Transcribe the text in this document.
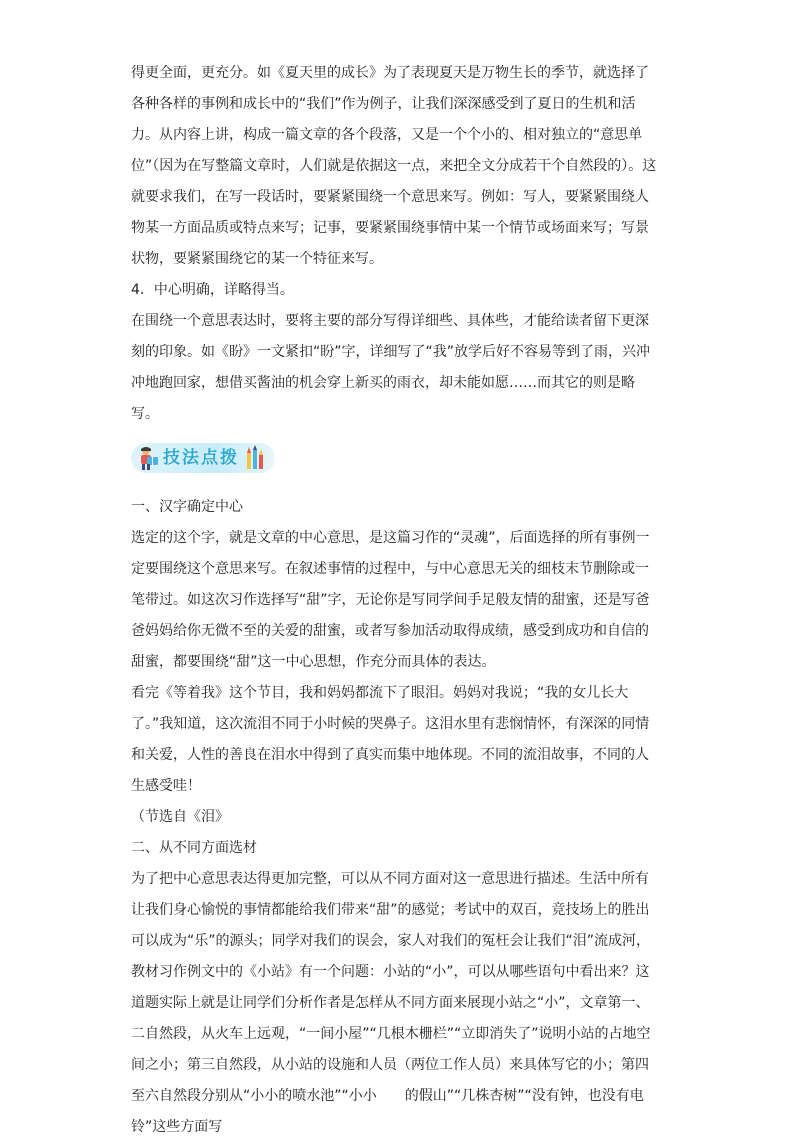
得更全面，更充分。如《夏天里的成长》为了表现夏天是万物生长的季节，就选择了各种各样的事例和成长中的“我们”作为例子，让我们深深感受到了夏日的生机和活力。从内容上讲，构成一篇文章的各个段落，又是一个个小的、相对独立的“意思单位”（因为在写整篇文章时，人们就是依据这一点，来把全文分成若干个自然段的）。这就要求我们，在写一段话时，要紧紧围绕一个意思来写。例如：写人，要紧紧围绕人物某一方面品质或特点来写；记事，要紧紧围绕事情中某一个情节或场面来写；写景状物，要紧紧围绕它的某一个特征来写。

4．中心明确，详略得当。

在围绕一个意思表达时，要将主要的部分写得详细些、具体些，才能给读者留下更深刻的印象。如《盼》一文紧扣“盼”字，详细写了“我”放学后好不容易等到了雨，兴冲冲地跑回家，想借买酱油的机会穿上新买的雨衣，却未能如愿……而其它的则是略写。

技法点拨

一、汉字确定中心

选定的这个字，就是文章的中心意思，是这篇习作的“灵魂”，后面选择的所有事例一定要围绕这个意思来写。在叙述事情的过程中，与中心意思无关的细枝末节删除或一笔带过。如这次习作选择写“甜”字，无论你是写同学间手足般友情的甜蜜，还是写爸爸妈妈给你无微不至的关爱的甜蜜，或者写参加活动取得成绩，感受到成功和自信的甜蜜，都要围绕“甜”这一中心思想，作充分而具体的表达。

看完《等着我》这个节目，我和妈妈都流下了眼泪。妈妈对我说；“我的女儿长大了。”我知道，这次流泪不同于小时候的哭鼻子。这泪水里有悲悯情怀，有深深的同情和关爱，人性的善良在泪水中得到了真实而集中地体现。不同的流泪故事，不同的人生感受哇！

（节选自《泪》

二、从不同方面选材

为了把中心意思表达得更加完整，可以从不同方面对这一意思进行描述。生活中所有让我们身心愉悦的事情都能给我们带来“甜”的感觉；考试中的双百，竞技场上的胜出可以成为“乐”的源头；同学对我们的误会，家人对我们的冤枉会让我们“泪”流成河，教材习作例文中的《小站》有一个问题：小站的“小”，可以从哪些语句中看出来？这道题实际上就是让同学们分析作者是怎样从不同方面来展现小站之“小”，文章第一、二自然段，从火车上远观，“一间小屋”“几根木栅栏”“立即消失了”说明小站的占地空间之小；第三自然段，从小站的设施和人员（两位工作人员）来具体写它的小；第四至六自然段分别从“小小的喷水池”“小小　　的假山”“几株杏树”“没有钟，也没有电铃”这些方面写
